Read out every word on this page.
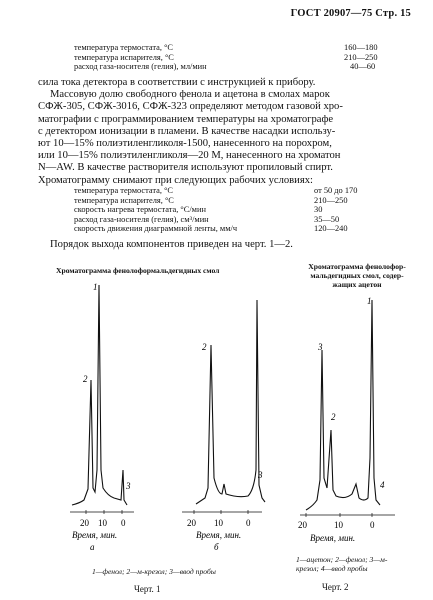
ГОСТ 20907—75 Стр. 15
температура термостата, °С	160—180
температура испарителя, °С	210—250
расход газа-носителя (гелия), мл/мин	40—60
сила тока детектора в соответствии с инструкцией к прибору.
Массовую долю свободного фенола и ацетона в смолах марок
СФЖ-305, СФЖ-3016, СФЖ-323 определяют методом газовой хро-
матографии с программированием температуры на хроматографе
с детектором ионизации в пламени. В качестве насадки использу-
ют 10—15% полиэтиленгликоля-1500, нанесенного на порохром,
или 10—15% полиэтиленгликоля—20 М, нанесенного на хроматон
N—AW. В качестве растворителя используют пропиловый спирт.
Хроматограмму снимают при следующих рабочих условиях:
температура термостата, °С	от 50 до 170
температура испарителя, °С	210—250
скорость нагрева термостата, °С/мин	30
расход газа-носителя (гелия), см³/мин	35—50
скорость движения диаграммной ленты, мм/ч	120—240
Порядок выхода компонентов приведен на черт. 1—2.
Хроматограмма фенолоформальдегидных смол	Хроматограмма фенолофор-
мальдегидных смол, содер-
жащих ацетон
1
2
3
20 10 0
Время, мин.
а
2
3
20 10	0
Время, мин.
б
3
2
1
4
20	10	0
Время, мин.
1—фенол; 2—м-крезол; 3—ввод пробы
Черт. 1
1—ацетон; 2—фенол; 3—м-
крезол; 4—ввод пробы
Черт. 2
